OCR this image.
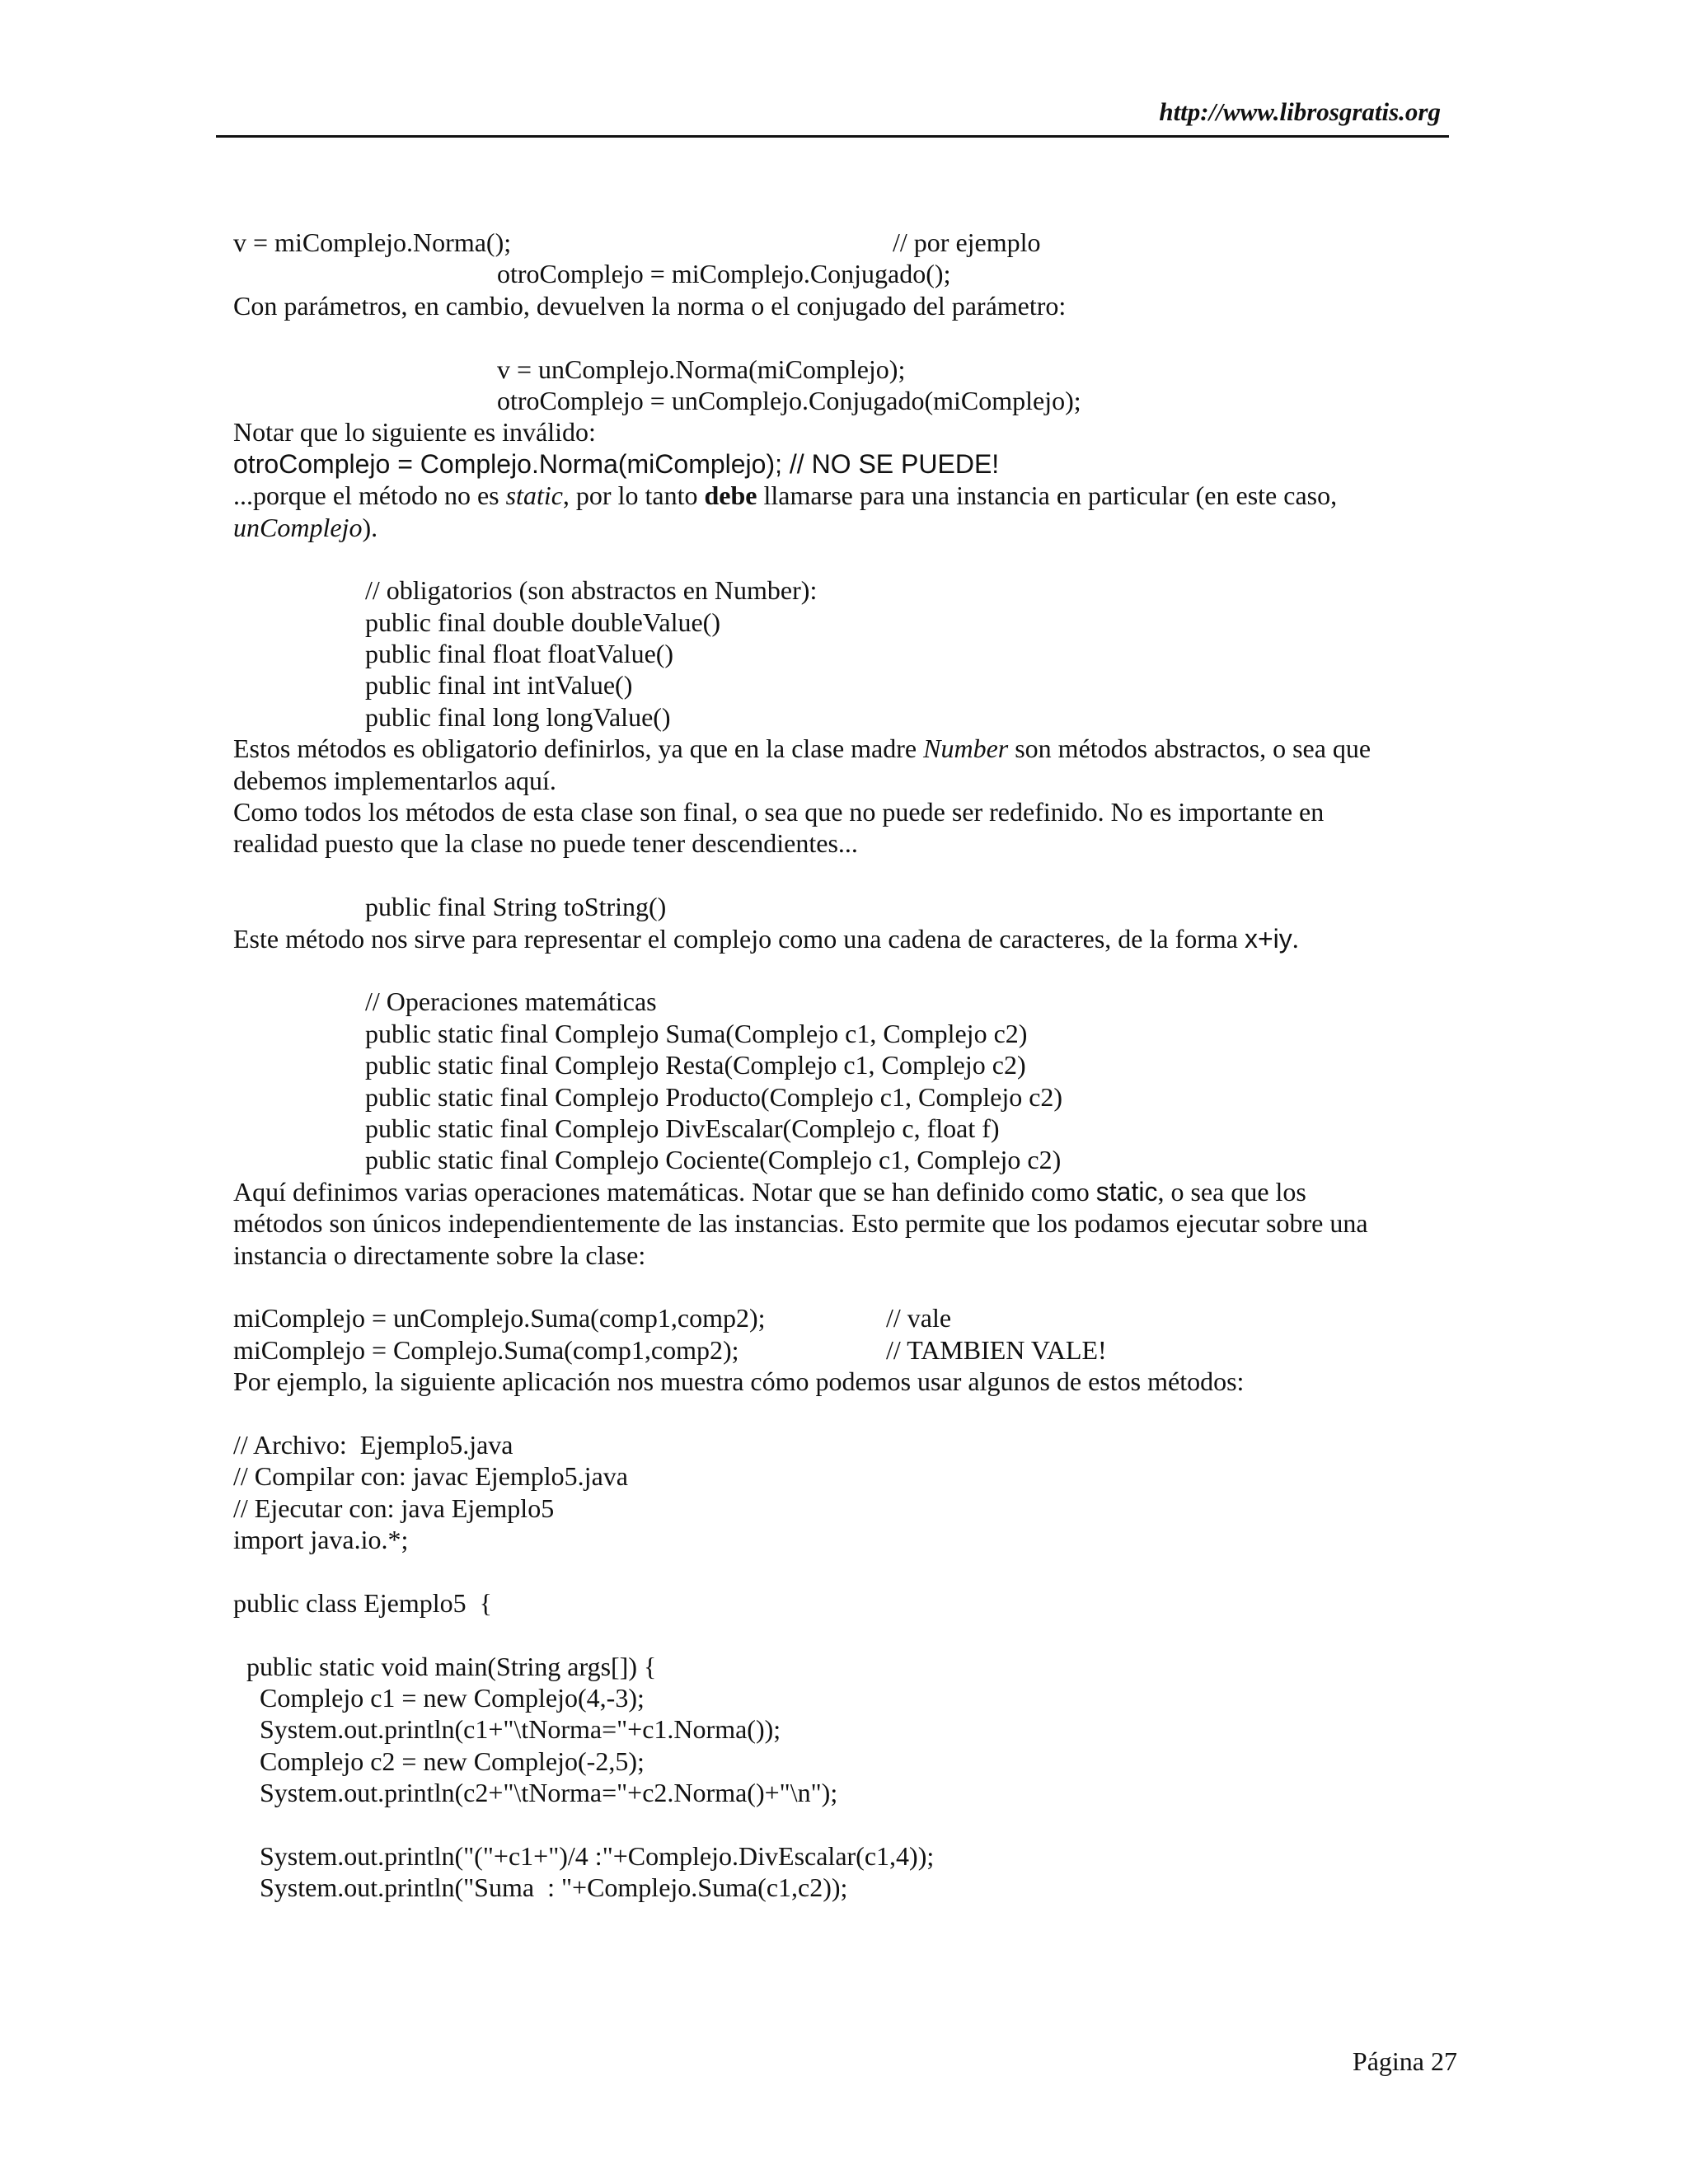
http://www.librosgratis.org
v = miComplejo.Norma();	// por ejemplo
otroComplejo = miComplejo.Conjugado();
Con parámetros, en cambio, devuelven la norma o el conjugado del parámetro:
v = unComplejo.Norma(miComplejo);
otroComplejo = unComplejo.Conjugado(miComplejo);
Notar que lo siguiente es inválido:
otroComplejo = Complejo.Norma(miComplejo); // NO SE PUEDE!
...porque el método no es static, por lo tanto debe llamarse para una instancia en particular (en este caso,
unComplejo).
// obligatorios (son abstractos en Number):
public final double doubleValue()
public final float floatValue()
public final int intValue()
public final long longValue()
Estos métodos es obligatorio definirlos, ya que en la clase madre Number son métodos abstractos, o sea que
debemos implementarlos aquí.
Como todos los métodos de esta clase son final, o sea que no puede ser redefinido. No es importante en
realidad puesto que la clase no puede tener descendientes...
public final String toString()
Este método nos sirve para representar el complejo como una cadena de caracteres, de la forma x+iy.
// Operaciones matemáticas
public static final Complejo Suma(Complejo c1, Complejo c2)
public static final Complejo Resta(Complejo c1, Complejo c2)
public static final Complejo Producto(Complejo c1, Complejo c2)
public static final Complejo DivEscalar(Complejo c, float f)
public static final Complejo Cociente(Complejo c1, Complejo c2)
Aquí definimos varias operaciones matemáticas. Notar que se han definido como static, o sea que los
métodos son únicos independientemente de las instancias. Esto permite que los podamos ejecutar sobre una
instancia o directamente sobre la clase:
miComplejo = unComplejo.Suma(comp1,comp2);	// vale
miComplejo = Complejo.Suma(comp1,comp2);	// TAMBIEN VALE!
Por ejemplo, la siguiente aplicación nos muestra cómo podemos usar algunos de estos métodos:
// Archivo:  Ejemplo5.java
// Compilar con: javac Ejemplo5.java
// Ejecutar con: java Ejemplo5
import java.io.*;
public class Ejemplo5  {
public static void main(String args[]) {
Complejo c1 = new Complejo(4,-3);
System.out.println(c1+"\tNorma="+c1.Norma());
Complejo c2 = new Complejo(-2,5);
System.out.println(c2+"\tNorma="+c2.Norma()+"\n");
System.out.println("("+c1+")/4 :"+Complejo.DivEscalar(c1,4));
System.out.println("Suma  : "+Complejo.Suma(c1,c2));
Página 27
